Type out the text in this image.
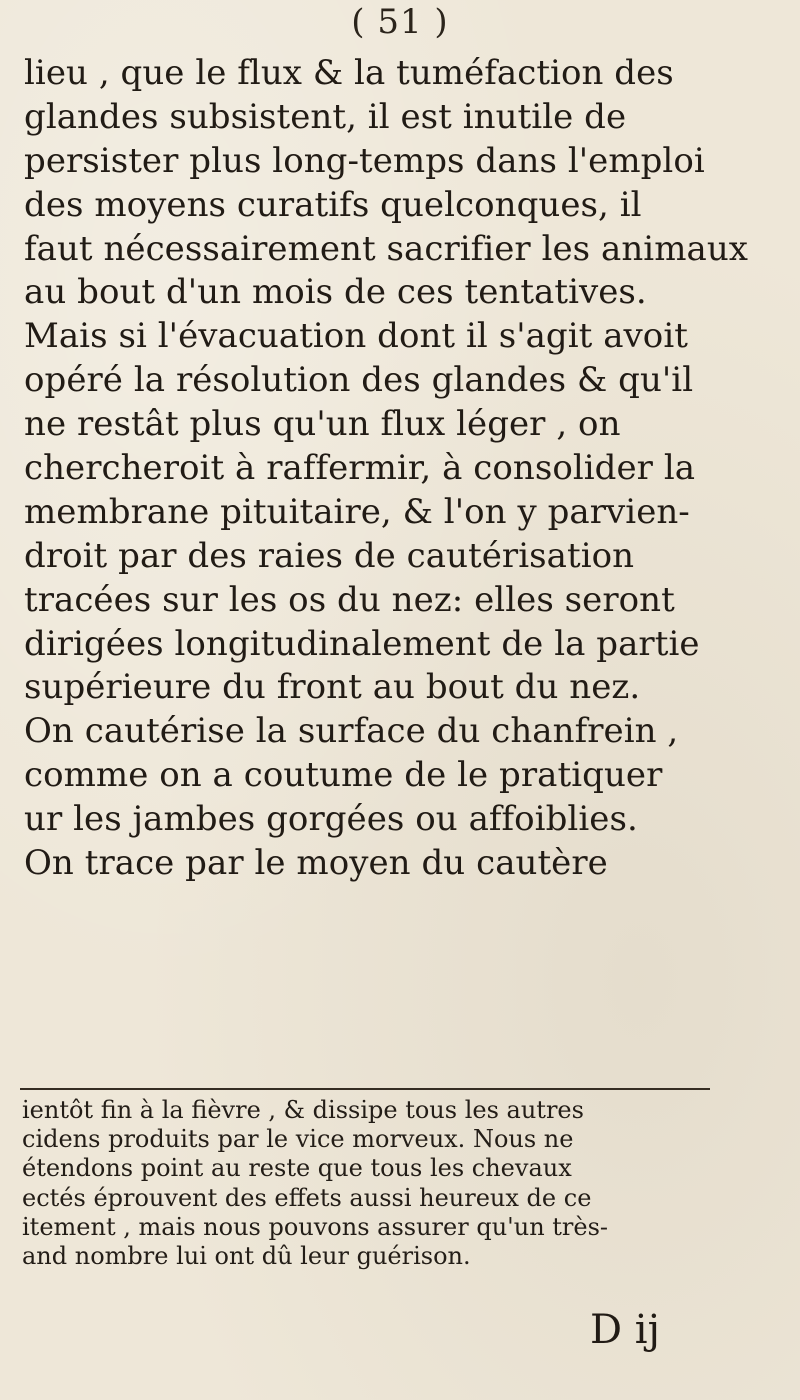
( 51 )
lieu , que le flux & la tuméfaction des
glandes subsistent, il est inutile de
persister plus long-temps dans l'emploi
des moyens curatifs quelconques, il
faut nécessairement sacrifier les animaux
au bout d'un mois de ces tentatives.
Mais si l'évacuation dont il s'agit avoit
opéré la résolution des glandes & qu'il
ne restât plus qu'un flux léger , on
chercheroit à raffermir, à consolider la
membrane pituitaire, & l'on y parvien-
droit par des raies de cautérisation
tracées sur les os du nez: elles seront
dirigées longitudinalement de la partie
supérieure du front au bout du nez.
On cautérise la surface du chanfrein ,
comme on a coutume de le pratiquer
ur les jambes gorgées ou affoiblies.
On trace par le moyen du cautère
ientôt fin à la fièvre , & dissipe tous les autres
cidens produits par le vice morveux. Nous ne
étendons point au reste que tous les chevaux
ectés éprouvent des effets aussi heureux de ce
itement , mais nous pouvons assurer qu'un très-
and nombre lui ont dû leur guérison.
D ij
